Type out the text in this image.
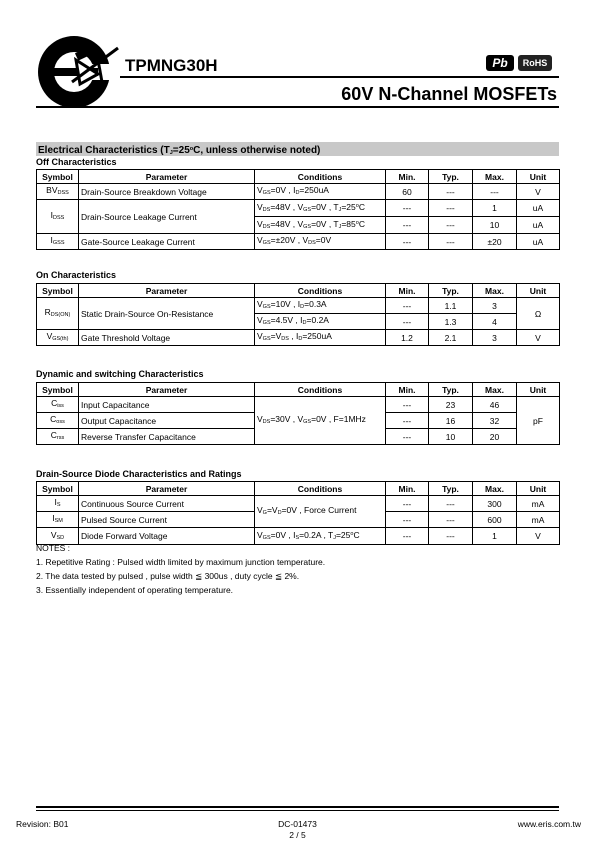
TPMNG30H	Pb	RoHS
60V N-Channel MOSFETs
Electrical Characteristics ($T_J=25^oC$, unless otherwise noted)
Off Characteristics
Symbol	Parameter	Conditions	Min.	Typ.	Max.	Unit
$BV_{DSS}$	Drain-Source Breakdown Voltage	$V_{GS}=0V$ , $I_D=250uA$	60	---	---	V
$I_{DSS}$	Drain-Source Leakage Current	$V_{DS}=48V$ , $V_{GS}=0V$ , $T_J=25^oC$	---	---	1	uA
		$V_{DS}=48V$ , $V_{GS}=0V$ , $T_J=85^oC$	---	---	10	uA
$I_{GSS}$	Gate-Source Leakage Current	$V_{GS}=\pm 20V$ , $V_{DS}=0V$	---	---	±20	uA
On Characteristics
Symbol	Parameter	Conditions	Min.	Typ.	Max.	Unit
$R_{DS(ON)}$	Static Drain-Source On-Resistance	$V_{GS}=10V$ , $I_D=0.3A$	---	1.1	3	Ω
		$V_{GS}=4.5V$ , $I_D=0.2A$	---	1.3	4	
$V_{GS(th)}$	Gate Threshold Voltage	$V_{GS}=V_{DS}$ , $I_D=250uA$	1.2	2.1	3	V
Dynamic and switching Characteristics
Symbol	Parameter	Conditions	Min.	Typ.	Max.	Unit
$C_{iss}$	Input Capacitance	$V_{DS}=30V$ , $V_{GS}=0V$ , F=1MHz	---	23	46	pF
$C_{oss}$	Output Capacitance		---	16	32	
$C_{rss}$	Reverse Transfer Capacitance		---	10	20	
Drain-Source Diode Characteristics and Ratings
Symbol	Parameter	Conditions	Min.	Typ.	Max.	Unit
$I_S$	Continuous Source Current	$V_G=V_D=0V$ , Force Current	---	---	300	mA
$I_{SM}$	Pulsed Source Current		---	---	600	mA
$V_{SD}$	Diode Forward Voltage	$V_{GS}=0V$ , $I_S=0.2A$ , $T_J=25^oC$	---	---	1	V
NOTES :
1. Repetitive Rating : Pulsed width limited by maximum junction temperature.
2. The data tested by pulsed , pulse width ≦ 300us , duty cycle ≦ 2%.
3. Essentially independent of operating temperature.
Revision: B01	DC-01473
2 / 5
www.eris.com.tw
